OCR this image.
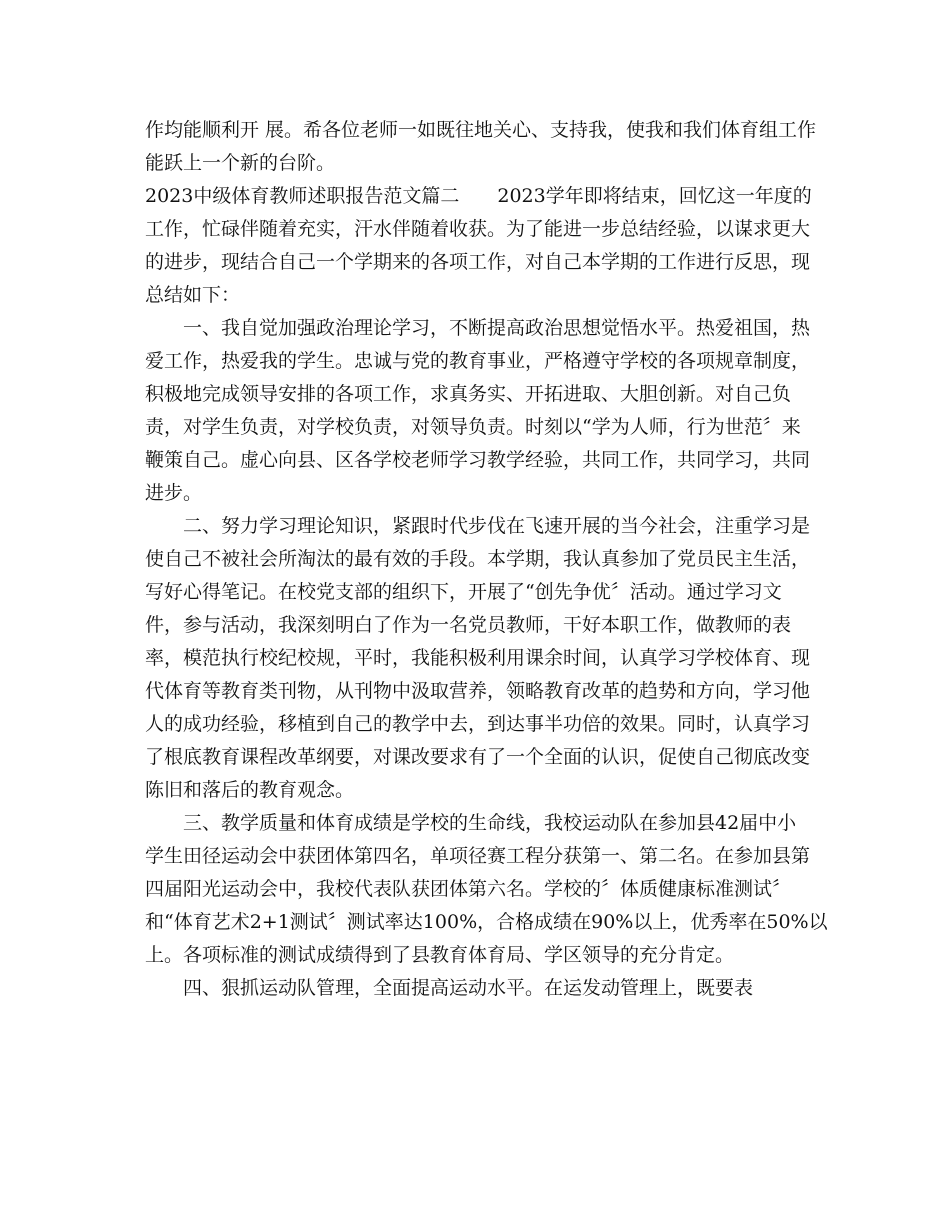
作均能顺利开 展。希各位老师一如既往地关心、支持我，使我和我们体育组工作

能跃上一个新的台阶。

2023中级体育教师述职报告范文篇二　　2023学年即将结束，回忆这一年度的

工作，忙碌伴随着充实，汗水伴随着收获。为了能进一步总结经验，以谋求更大

的进步，现结合自己一个学期来的各项工作，对自己本学期的工作进行反思，现

总结如下：

　　一、我自觉加强政治理论学习，不断提高政治思想觉悟水平。热爱祖国，热

爱工作，热爱我的学生。忠诚与党的教育事业，严格遵守学校的各项规章制度，

积极地完成领导安排的各项工作，求真务实、开拓进取、大胆创新。对自己负

责，对学生负责，对学校负责，对领导负责。时刻以“学为人师，行为世范〞来

鞭策自己。虚心向县、区各学校老师学习教学经验，共同工作，共同学习，共同

进步。

　　二、努力学习理论知识，紧跟时代步伐在飞速开展的当今社会，注重学习是

使自己不被社会所淘汰的最有效的手段。本学期，我认真参加了党员民主生活，

写好心得笔记。在校党支部的组织下，开展了“创先争优〞活动。通过学习文

件，参与活动，我深刻明白了作为一名党员教师，干好本职工作，做教师的表

率，模范执行校纪校规，平时，我能积极利用课余时间，认真学习学校体育、现

代体育等教育类刊物，从刊物中汲取营养，领略教育改革的趋势和方向，学习他

人的成功经验，移植到自己的教学中去，到达事半功倍的效果。同时，认真学习

了根底教育课程改革纲要，对课改要求有了一个全面的认识，促使自己彻底改变

陈旧和落后的教育观念。

　　三、教学质量和体育成绩是学校的生命线，我校运动队在参加县42届中小

学生田径运动会中获团体第四名，单项径赛工程分获第一、第二名。在参加县第

四届阳光运动会中，我校代表队获团体第六名。学校的〞体质健康标准测试〞

和“体育艺术2+1测试〞测试率达100%，合格成绩在90%以上，优秀率在50%以

上。各项标准的测试成绩得到了县教育体育局、学区领导的充分肯定。

　　四、狠抓运动队管理，全面提高运动水平。在运发动管理上，既要表
